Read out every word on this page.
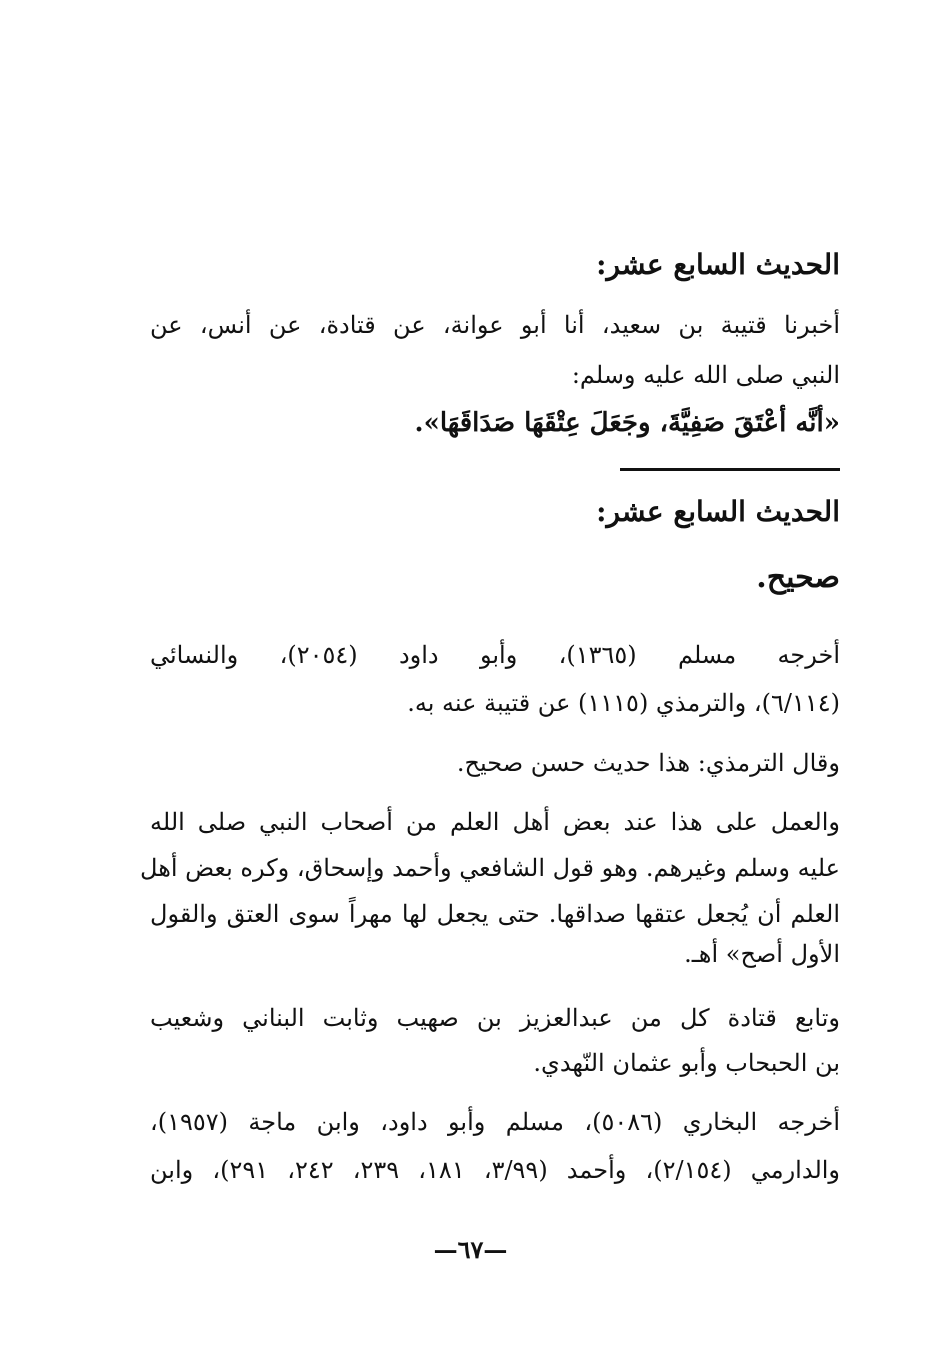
الحديث السابع عشر:
أخبرنا قتيبة بن سعيد، أنا أبو عوانة، عن قتادة، عن أنس، عن
النبي صلى الله عليه وسلم:
«أنَّه أعْتَقَ صَفِيَّةَ، وجَعَلَ عِتْقَهَا صَدَاقَهَا».
الحديث السابع عشر:
صحيح.
أخرجه مسلم (١٣٦٥)، وأبو داود (٢٠٥٤)، والنسائي
(٦/١١٤)، والترمذي (١١١٥) عن قتيبة عنه به.
وقال الترمذي: هذا حديث حسن صحيح.
والعمل على هذا عند بعض أهل العلم من أصحاب النبي صلى الله
عليه وسلم وغيرهم. وهو قول الشافعي وأحمد وإسحاق، وكره بعض أهل
العلم أن يُجعل عتقها صداقها. حتى يجعل لها مهراً سوى العتق والقول
الأول أصح» أهـ.
وتابع قتادة كل من عبدالعزيز بن صهيب وثابت البناني وشعيب
بن الحبحاب وأبو عثمان النّهدي.
أخرجه البخاري (٥٠٨٦)، مسلم وأبو داود، وابن ماجة (١٩٥٧)،
والدارمي (٢/١٥٤)، وأحمد (٣/٩٩، ١٨١، ٢٣٩، ٢٤٢، ٢٩١)، وابن
—٦٧—
